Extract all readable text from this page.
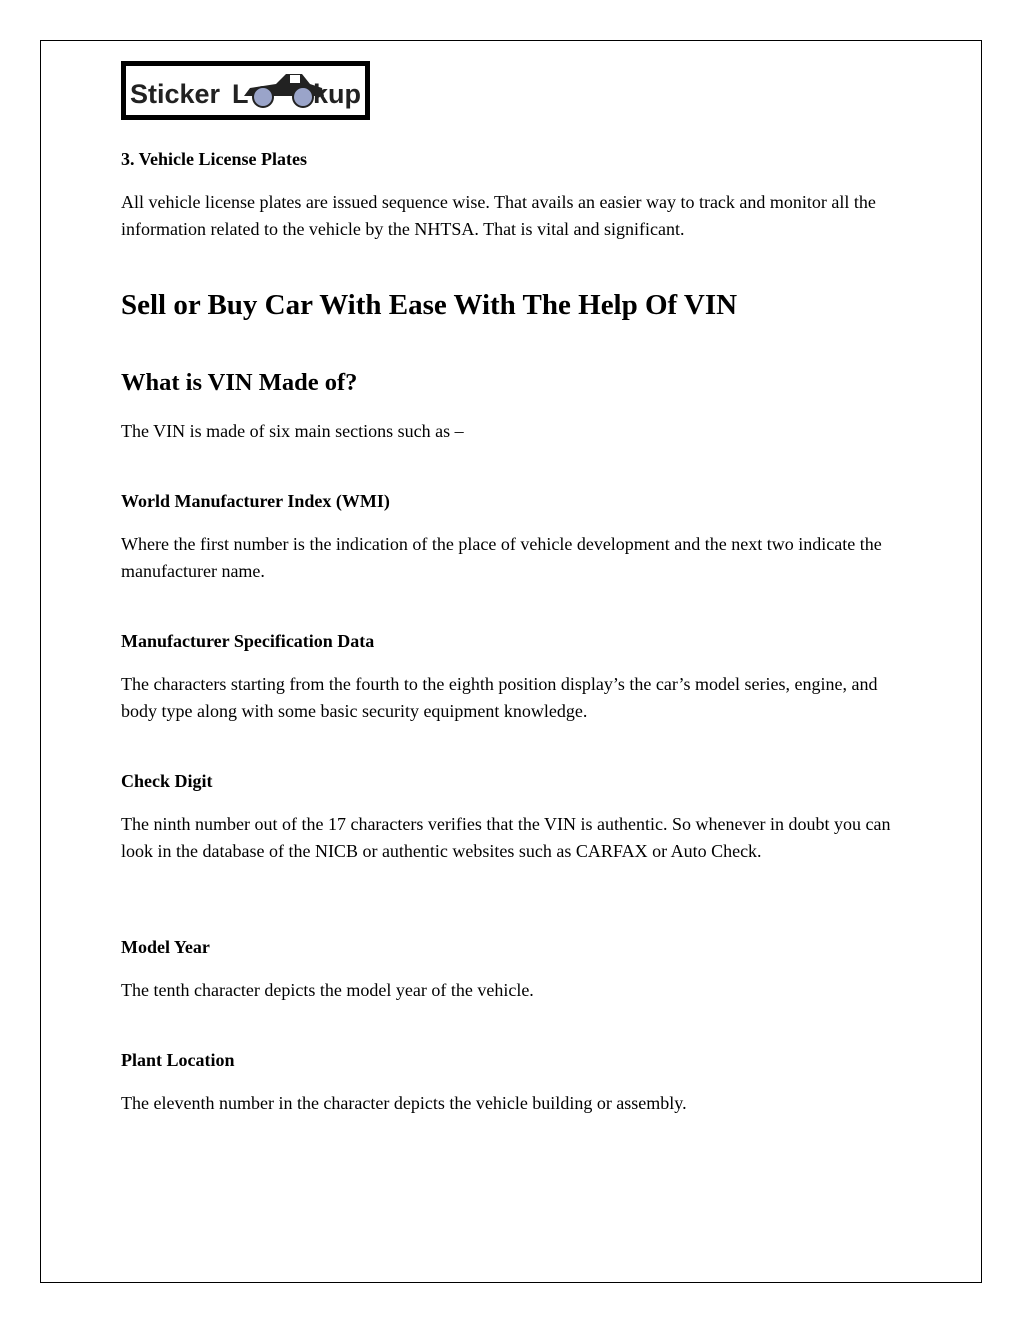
Sticker L kup

3. Vehicle License Plates

All vehicle license plates are issued sequence wise. That avails an easier way to track and monitor all the information related to the vehicle by the NHTSA. That is vital and significant.

Sell or Buy Car With Ease With The Help Of VIN
What is VIN Made of?

The VIN is made of six main sections such as –

World Manufacturer Index (WMI)

Where the first number is the indication of the place of vehicle development and the next two indicate the manufacturer name.

Manufacturer Specification Data

The characters starting from the fourth to the eighth position display’s the car’s model series, engine, and body type along with some basic security equipment knowledge.

Check Digit

The ninth number out of the 17 characters verifies that the VIN is authentic. So whenever in doubt you can look in the database of the NICB or authentic websites such as CARFAX or Auto Check.

Model Year

The tenth character depicts the model year of the vehicle.

Plant Location

The eleventh number in the character depicts the vehicle building or assembly.
